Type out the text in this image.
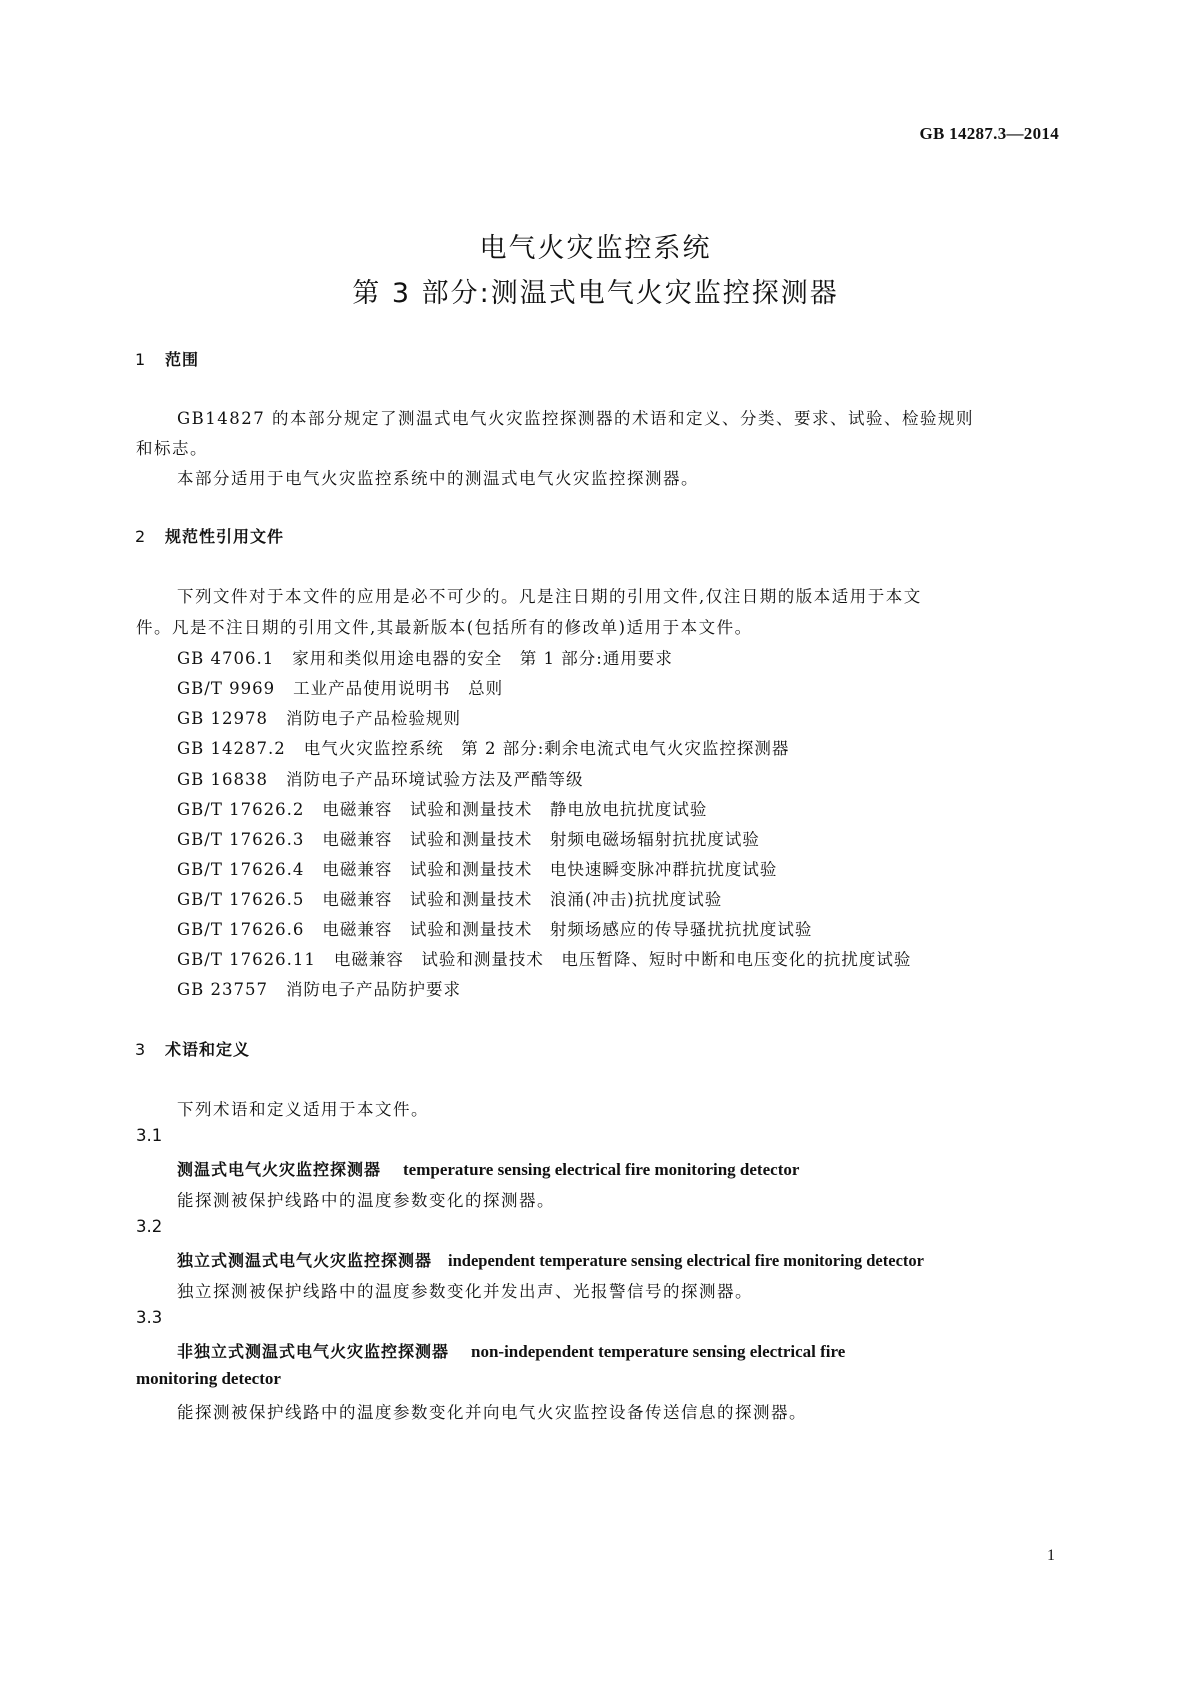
GB 14287.3—2014
电气火灾监控系统
第 3 部分:测温式电气火灾监控探测器
1 范围
GB14827 的本部分规定了测温式电气火灾监控探测器的术语和定义、分类、要求、试验、检验规则
和标志。
本部分适用于电气火灾监控系统中的测温式电气火灾监控探测器。
2 规范性引用文件
下列文件对于本文件的应用是必不可少的。凡是注日期的引用文件,仅注日期的版本适用于本文
件。凡是不注日期的引用文件,其最新版本(包括所有的修改单)适用于本文件。
GB 4706.1 家用和类似用途电器的安全　第 1 部分:通用要求
GB/T 9969 工业产品使用说明书　总则
GB 12978 消防电子产品检验规则
GB 14287.2 电气火灾监控系统　第 2 部分:剩余电流式电气火灾监控探测器
GB 16838 消防电子产品环境试验方法及严酷等级
GB/T 17626.2 电磁兼容　试验和测量技术　静电放电抗扰度试验
GB/T 17626.3 电磁兼容　试验和测量技术　射频电磁场辐射抗扰度试验
GB/T 17626.4 电磁兼容　试验和测量技术　电快速瞬变脉冲群抗扰度试验
GB/T 17626.5 电磁兼容　试验和测量技术　浪涌(冲击)抗扰度试验
GB/T 17626.6 电磁兼容　试验和测量技术　射频场感应的传导骚扰抗扰度试验
GB/T 17626.11 电磁兼容　试验和测量技术　电压暂降、短时中断和电压变化的抗扰度试验
GB 23757 消防电子产品防护要求
3 术语和定义
下列术语和定义适用于本文件。
3.1
测温式电气火灾监控探测器 temperature sensing electrical fire monitoring detector
能探测被保护线路中的温度参数变化的探测器。
3.2
独立式测温式电气火灾监控探测器 independent temperature sensing electrical fire monitoring detector
独立探测被保护线路中的温度参数变化并发出声、光报警信号的探测器。
3.3
非独立式测温式电气火灾监控探测器 non-independent temperature sensing electrical fire
monitoring detector
能探测被保护线路中的温度参数变化并向电气火灾监控设备传送信息的探测器。
1
